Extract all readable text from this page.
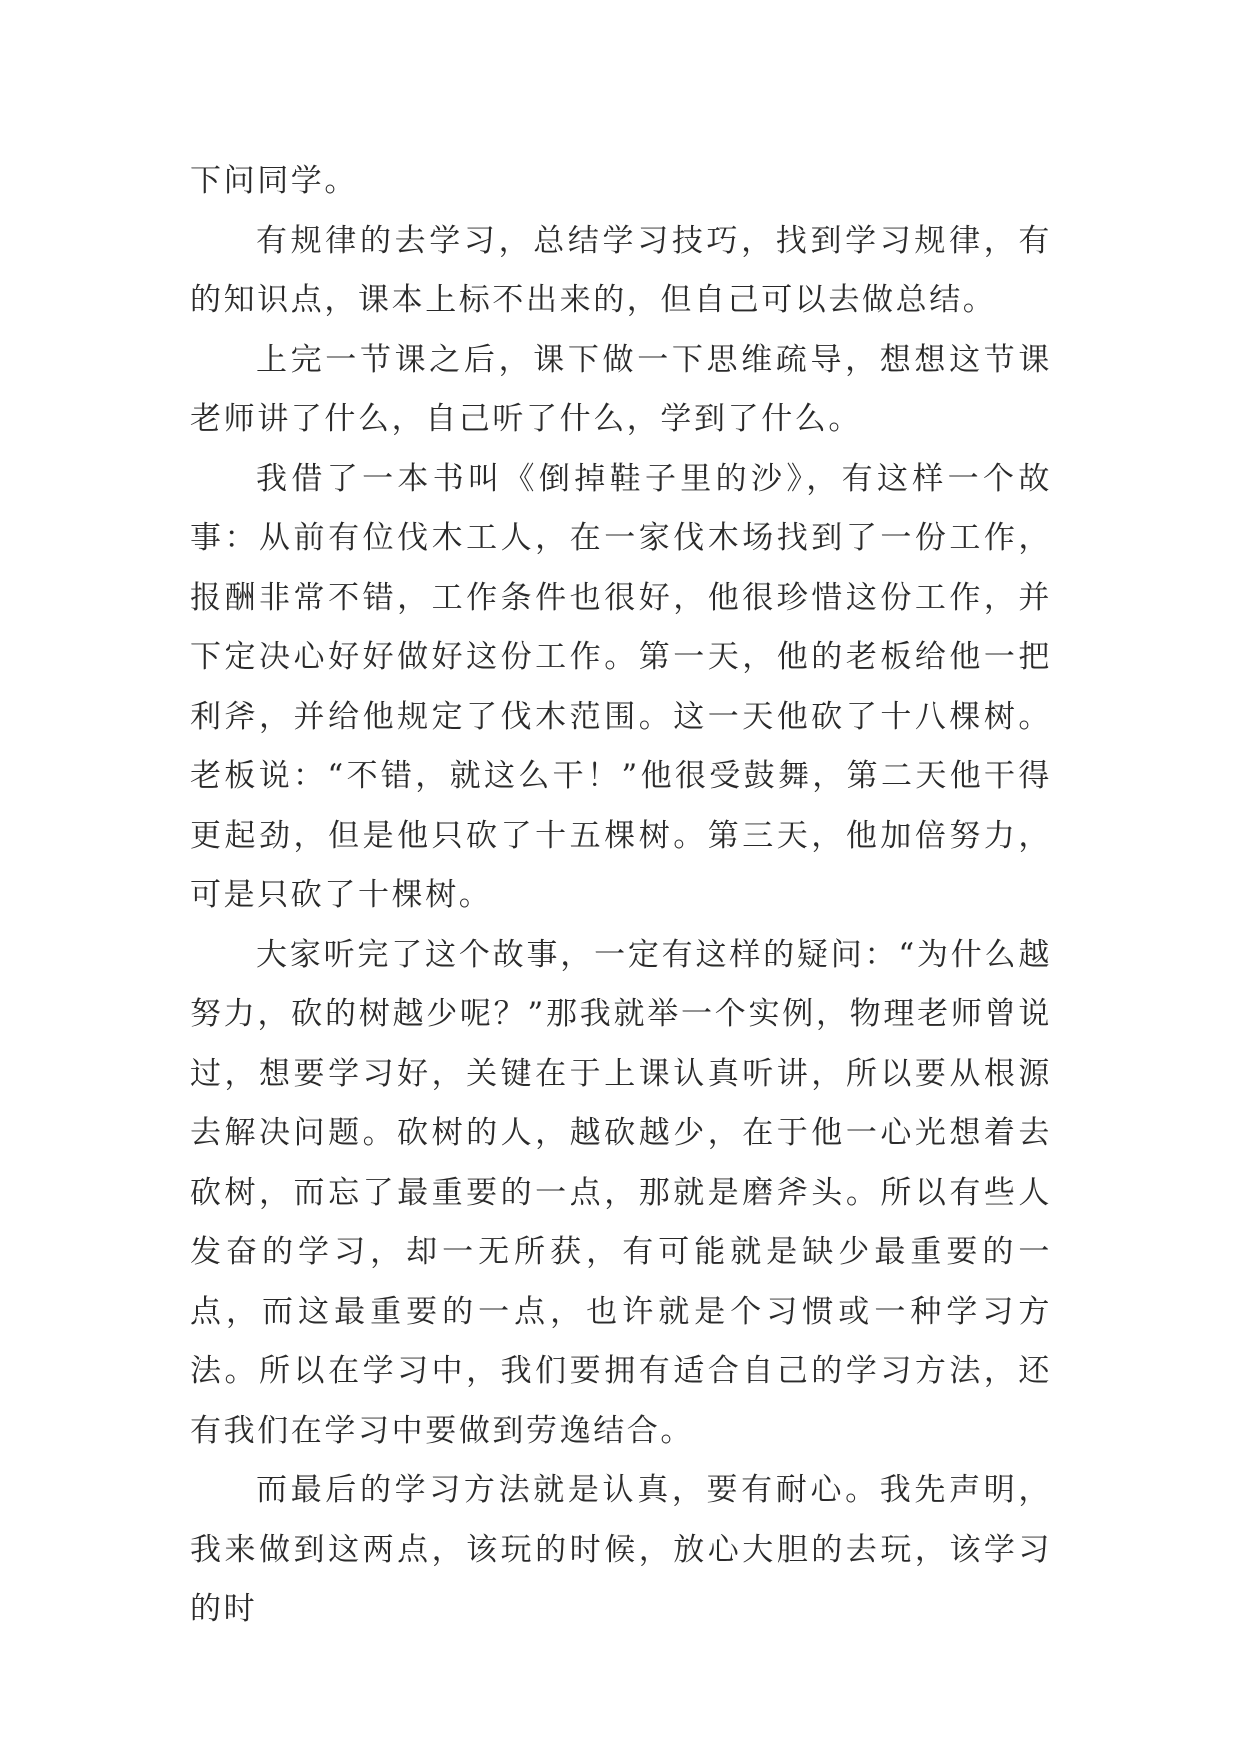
下问同学。

有规律的去学习，总结学习技巧，找到学习规律，有的知识点，课本上标不出来的，但自己可以去做总结。

上完一节课之后，课下做一下思维疏导，想想这节课老师讲了什么，自己听了什么，学到了什么。

我借了一本书叫《倒掉鞋子里的沙》，有这样一个故事：从前有位伐木工人，在一家伐木场找到了一份工作，报酬非常不错，工作条件也很好，他很珍惜这份工作，并下定决心好好做好这份工作。第一天，他的老板给他一把利斧，并给他规定了伐木范围。这一天他砍了十八棵树。老板说：“不错，就这么干！”他很受鼓舞，第二天他干得更起劲，但是他只砍了十五棵树。第三天，他加倍努力，可是只砍了十棵树。

大家听完了这个故事，一定有这样的疑问：“为什么越努力，砍的树越少呢？”那我就举一个实例，物理老师曾说过，想要学习好，关键在于上课认真听讲，所以要从根源去解决问题。砍树的人，越砍越少，在于他一心光想着去砍树，而忘了最重要的一点，那就是磨斧头。所以有些人发奋的学习，却一无所获，有可能就是缺少最重要的一点，而这最重要的一点，也许就是个习惯或一种学习方法。所以在学习中，我们要拥有适合自己的学习方法，还有我们在学习中要做到劳逸结合。

而最后的学习方法就是认真，要有耐心。我先声明，我来做到这两点，该玩的时候，放心大胆的去玩，该学习的时
